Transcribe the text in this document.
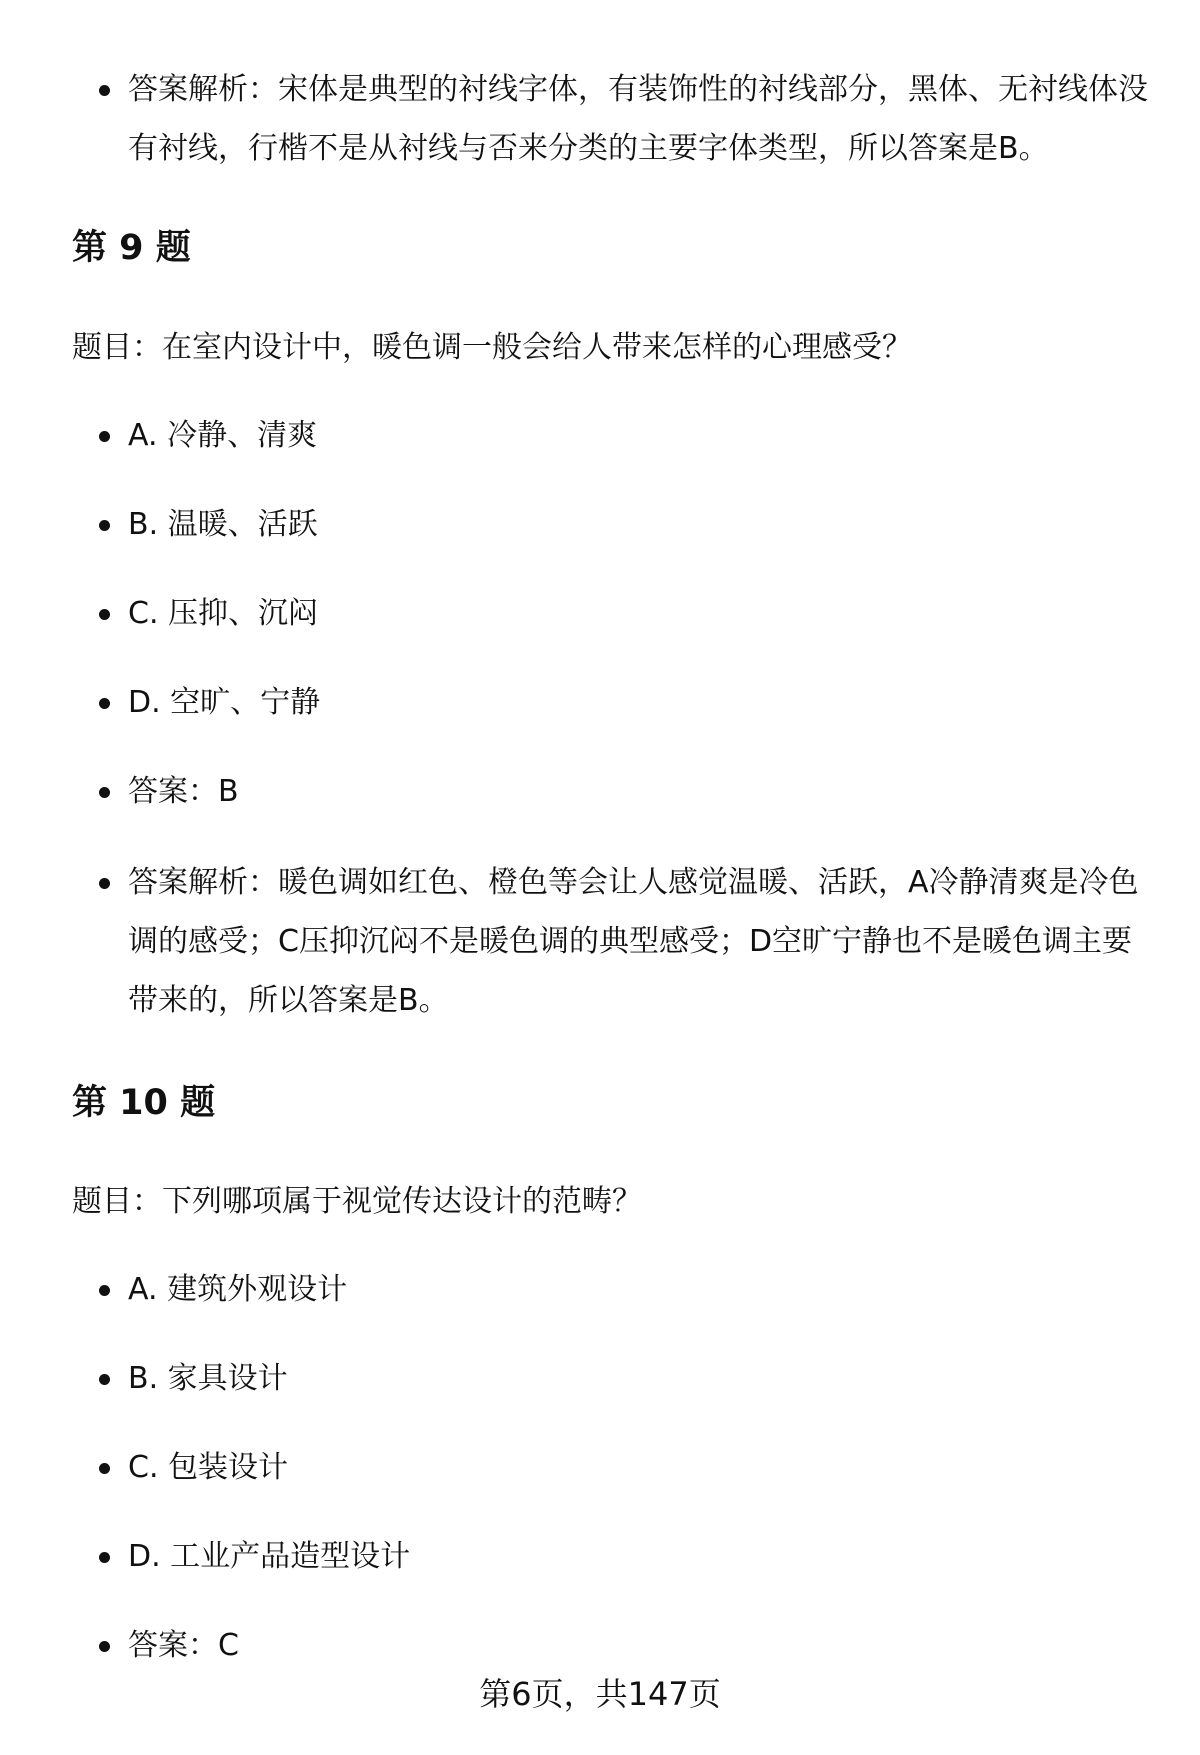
答案解析：宋体是典型的衬线字体，有装饰性的衬线部分，黑体、无衬线体没有衬线，行楷不是从衬线与否来分类的主要字体类型，所以答案是B。
第 9 题
题目：在室内设计中，暖色调一般会给人带来怎样的心理感受？
A. 冷静、清爽
B. 温暖、活跃
C. 压抑、沉闷
D. 空旷、宁静
答案：B
答案解析：暖色调如红色、橙色等会让人感觉温暖、活跃，A冷静清爽是冷色调的感受；C压抑沉闷不是暖色调的典型感受；D空旷宁静也不是暖色调主要带来的，所以答案是B。
第 10 题
题目：下列哪项属于视觉传达设计的范畴？
A. 建筑外观设计
B. 家具设计
C. 包装设计
D. 工业产品造型设计
答案：C
第6页，共147页
